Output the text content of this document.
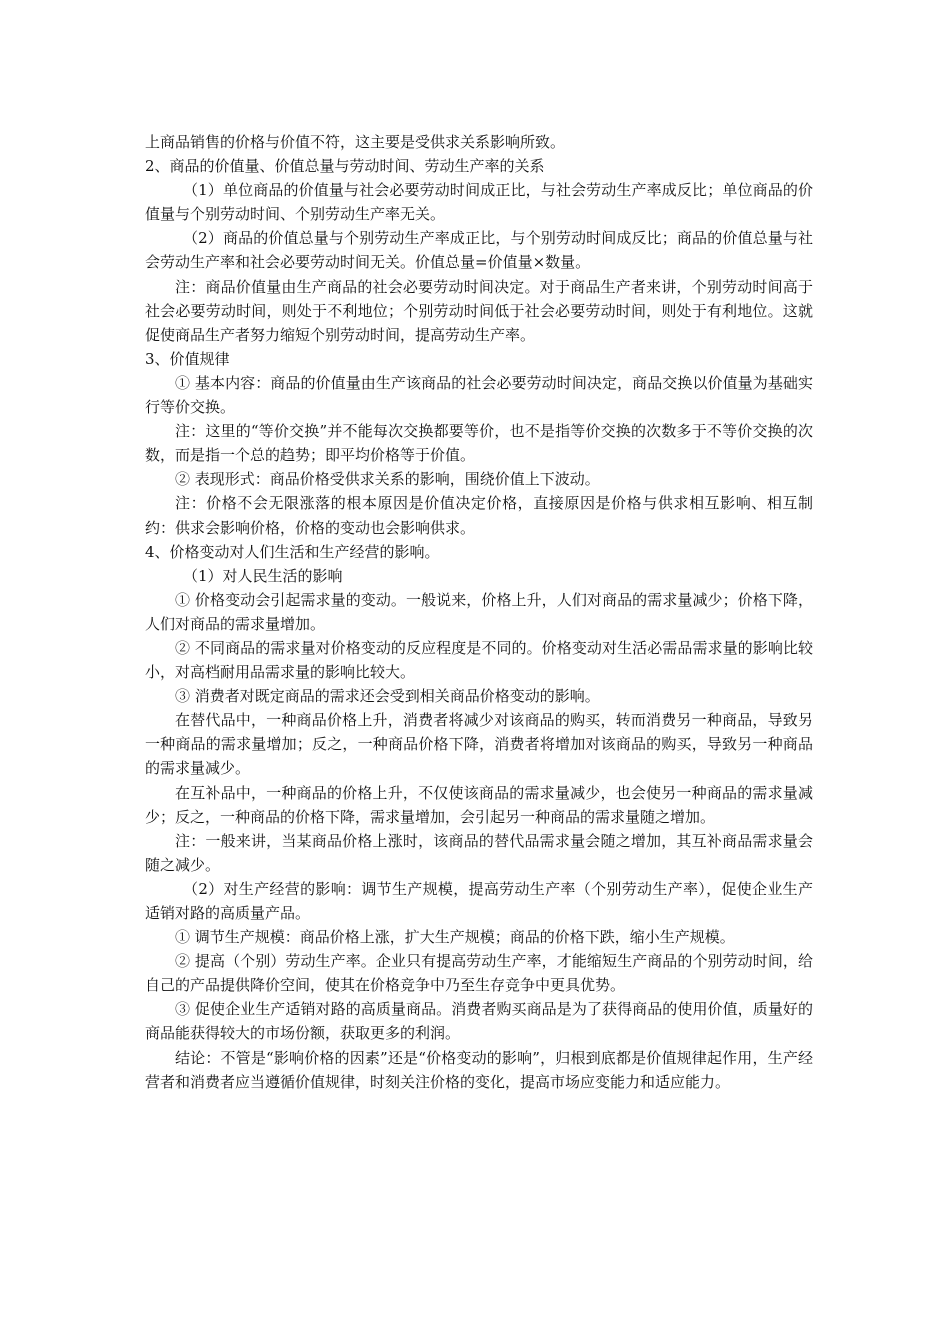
上商品销售的价格与价值不符，这主要是受供求关系影响所致。

2、商品的价值量、价值总量与劳动时间、劳动生产率的关系

（1）单位商品的价值量与社会必要劳动时间成正比，与社会劳动生产率成反比；单位商品的价值量与个别劳动时间、个别劳动生产率无关。

（2）商品的价值总量与个别劳动生产率成正比，与个别劳动时间成反比；商品的价值总量与社会劳动生产率和社会必要劳动时间无关。价值总量=价值量×数量。

注：商品价值量由生产商品的社会必要劳动时间决定。对于商品生产者来讲，个别劳动时间高于社会必要劳动时间，则处于不利地位；个别劳动时间低于社会必要劳动时间，则处于有利地位。这就促使商品生产者努力缩短个别劳动时间，提高劳动生产率。

3、价值规律

① 基本内容：商品的价值量由生产该商品的社会必要劳动时间决定，商品交换以价值量为基础实行等价交换。

注：这里的“等价交换”并不能每次交换都要等价，也不是指等价交换的次数多于不等价交换的次数，而是指一个总的趋势；即平均价格等于价值。

② 表现形式：商品价格受供求关系的影响，围绕价值上下波动。

注：价格不会无限涨落的根本原因是价值决定价格，直接原因是价格与供求相互影响、相互制约：供求会影响价格，价格的变动也会影响供求。

4、价格变动对人们生活和生产经营的影响。

（1）对人民生活的影响

① 价格变动会引起需求量的变动。一般说来，价格上升，人们对商品的需求量减少；价格下降，人们对商品的需求量增加。

② 不同商品的需求量对价格变动的反应程度是不同的。价格变动对生活必需品需求量的影响比较小，对高档耐用品需求量的影响比较大。

③ 消费者对既定商品的需求还会受到相关商品价格变动的影响。

在替代品中，一种商品价格上升，消费者将减少对该商品的购买，转而消费另一种商品，导致另一种商品的需求量增加；反之，一种商品价格下降，消费者将增加对该商品的购买，导致另一种商品的需求量减少。

在互补品中，一种商品的价格上升，不仅使该商品的需求量减少，也会使另一种商品的需求量减少；反之，一种商品的价格下降，需求量增加，会引起另一种商品的需求量随之增加。

注：一般来讲，当某商品价格上涨时，该商品的替代品需求量会随之增加，其互补商品需求量会随之减少。

（2）对生产经营的影响：调节生产规模，提高劳动生产率（个别劳动生产率），促使企业生产适销对路的高质量产品。

① 调节生产规模：商品价格上涨，扩大生产规模；商品的价格下跌，缩小生产规模。

② 提高（个别）劳动生产率。企业只有提高劳动生产率，才能缩短生产商品的个别劳动时间，给自己的产品提供降价空间，使其在价格竞争中乃至生存竞争中更具优势。

③ 促使企业生产适销对路的高质量商品。消费者购买商品是为了获得商品的使用价值，质量好的商品能获得较大的市场份额，获取更多的利润。

结论：不管是“影响价格的因素”还是“价格变动的影响”，归根到底都是价值规律起作用，生产经营者和消费者应当遵循价值规律，时刻关注价格的变化，提高市场应变能力和适应能力。
